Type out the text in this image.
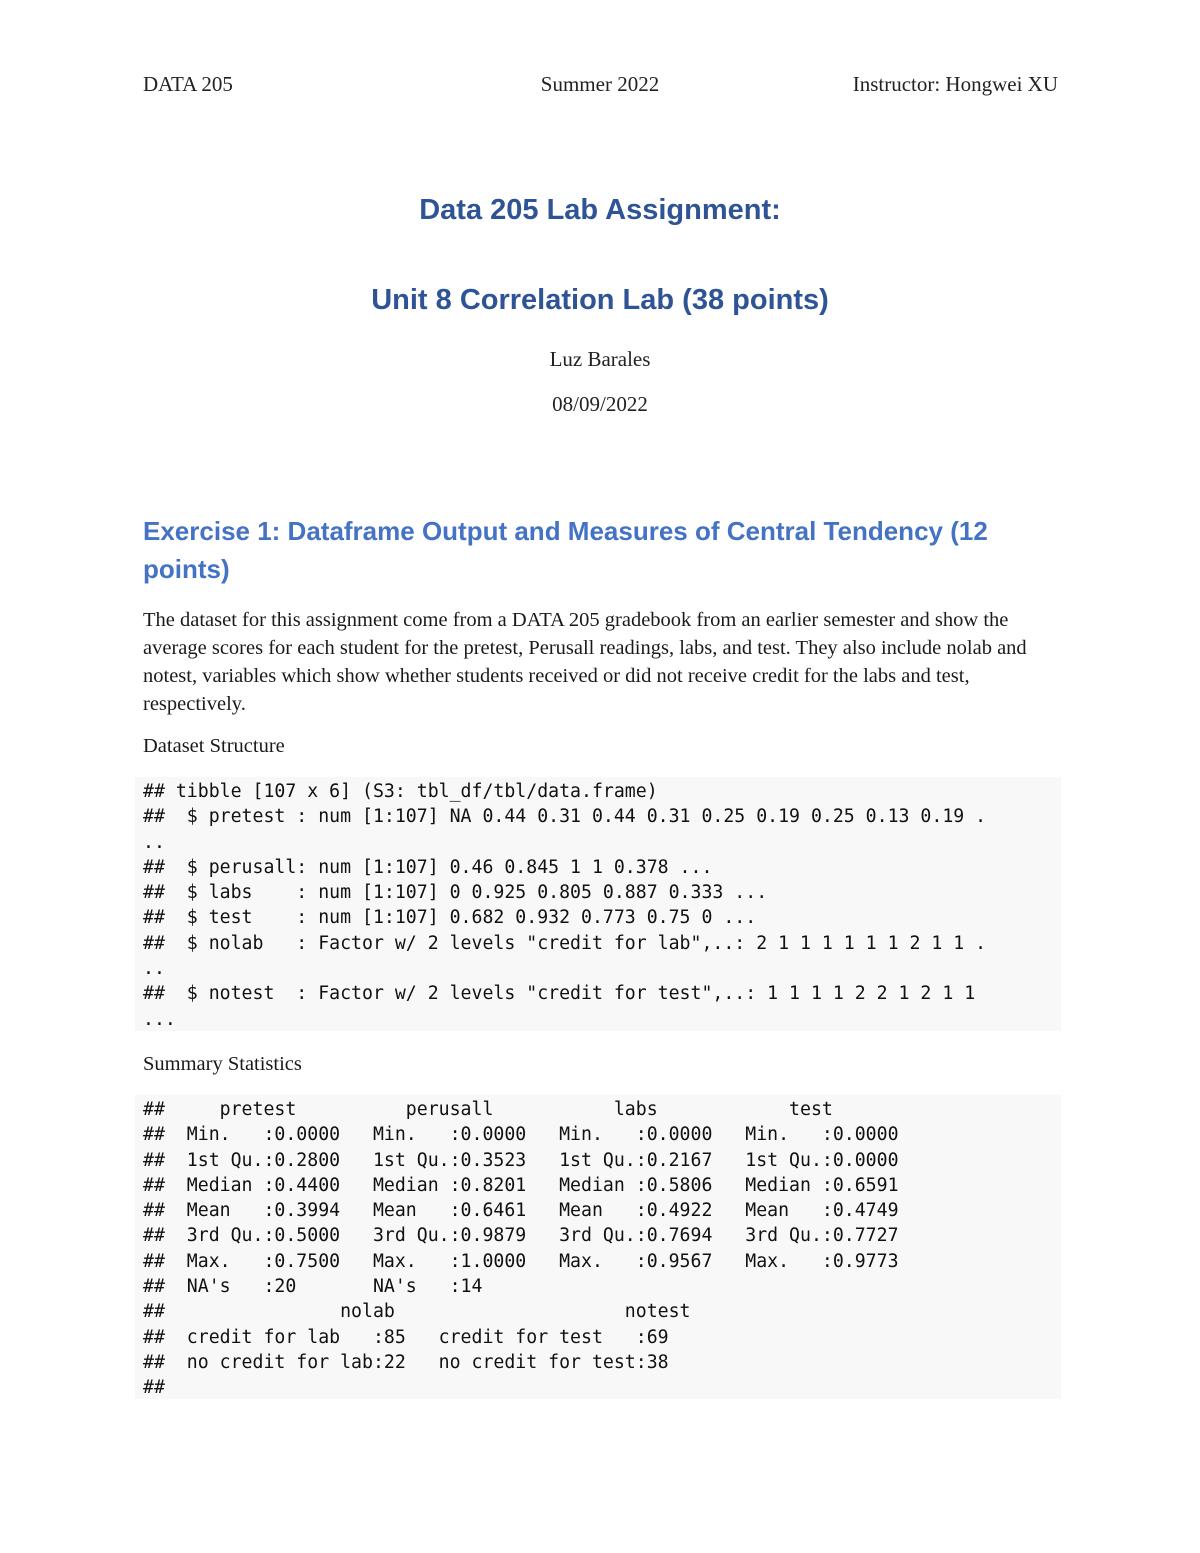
DATA 205	Summer 2022	Instructor: Hongwei XU
Data 205 Lab Assignment:
Unit 8 Correlation Lab (38 points)
Luz Barales
08/09/2022
Exercise 1: Dataframe Output and Measures of Central Tendency (12 points)

The dataset for this assignment come from a DATA 205 gradebook from an earlier semester and show the average scores for each student for the pretest, Perusall readings, labs, and test. They also include nolab and notest, variables which show whether students received or did not receive credit for the labs and test, respectively.

Dataset Structure

## tibble [107 x 6] (S3: tbl_df/tbl/data.frame)
##  $ pretest : num [1:107] NA 0.44 0.31 0.44 0.31 0.25 0.19 0.25 0.13 0.19 .
..
##  $ perusall: num [1:107] 0.46 0.845 1 1 0.378 ...
##  $ labs    : num [1:107] 0 0.925 0.805 0.887 0.333 ...
##  $ test    : num [1:107] 0.682 0.932 0.773 0.75 0 ...
##  $ nolab   : Factor w/ 2 levels "credit for lab",..: 2 1 1 1 1 1 1 2 1 1 .
..
##  $ notest  : Factor w/ 2 levels "credit for test",..: 1 1 1 1 2 2 1 2 1 1
...

Summary Statistics

##     pretest          perusall           labs            test
##  Min.   :0.0000   Min.   :0.0000   Min.   :0.0000   Min.   :0.0000
##  1st Qu.:0.2800   1st Qu.:0.3523   1st Qu.:0.2167   1st Qu.:0.0000
##  Median :0.4400   Median :0.8201   Median :0.5806   Median :0.6591
##  Mean   :0.3994   Mean   :0.6461   Mean   :0.4922   Mean   :0.4749
##  3rd Qu.:0.5000   3rd Qu.:0.9879   3rd Qu.:0.7694   3rd Qu.:0.7727
##  Max.   :0.7500   Max.   :1.0000   Max.   :0.9567   Max.   :0.9773
##  NA's   :20       NA's   :14
##                nolab                     notest
##  credit for lab   :85   credit for test   :69
##  no credit for lab:22   no credit for test:38
##
